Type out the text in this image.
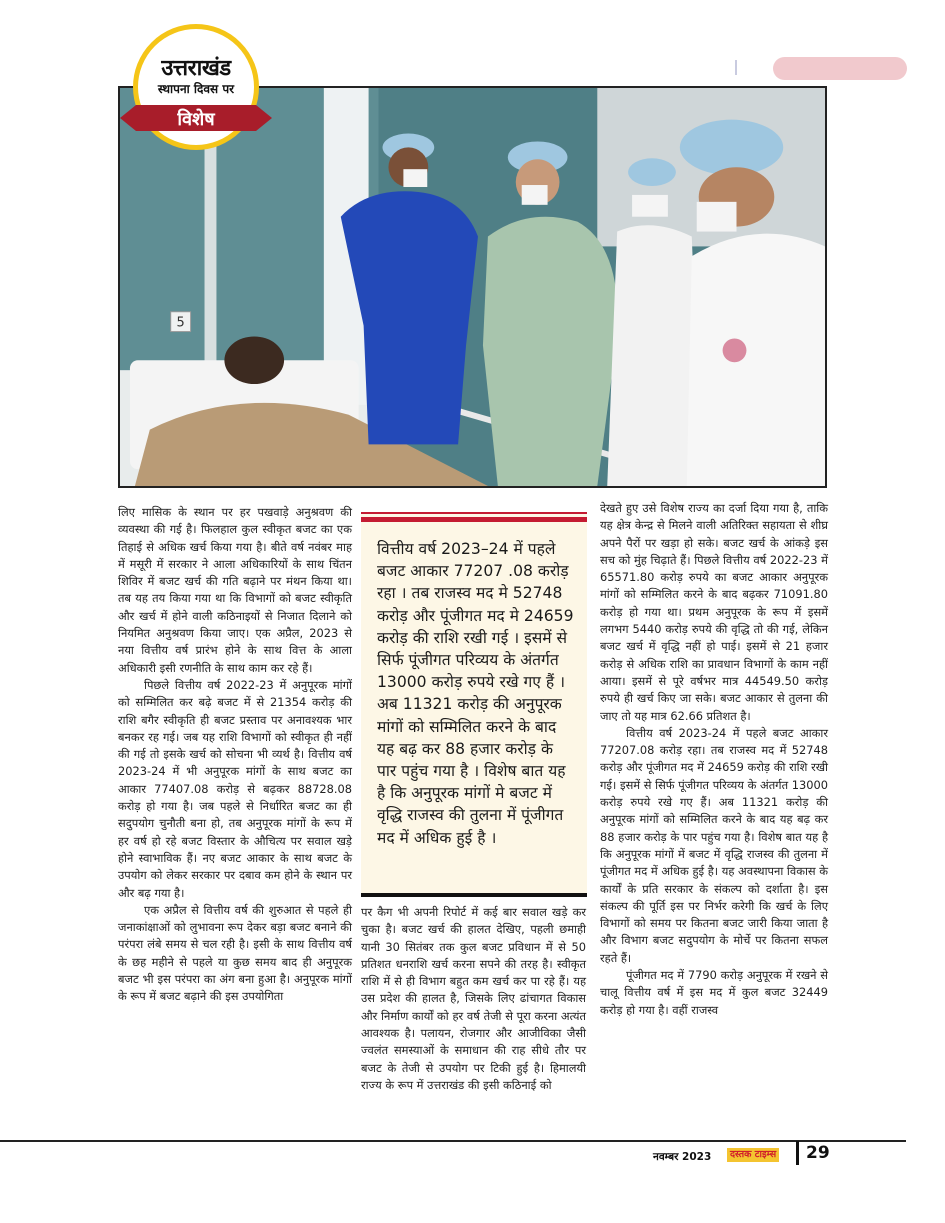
5
उत्तराखंड
स्थापना दिवस पर
विशेष

लिए मासिक के स्थान पर हर पखवाड़े अनुश्रवण की व्यवस्था की गई है। फिलहाल कुल स्वीकृत बजट का एक तिहाई से अधिक खर्च किया गया है। बीते वर्ष नवंबर माह में मसूरी में सरकार ने आला अधिकारियों के साथ चिंतन शिविर में बजट खर्च की गति बढ़ाने पर मंथन किया था। तब यह तय किया गया था कि विभागों को बजट स्वीकृति और खर्च में होने वाली कठिनाइयों से निजात दिलाने को नियमित अनुश्रवण किया जाए। एक अप्रैल, 2023 से नया वित्तीय वर्ष प्रारंभ होने के साथ वित्त के आला अधिकारी इसी रणनीति के साथ काम कर रहे हैं।

पिछले वित्तीय वर्ष 2022-23 में अनुपूरक मांगों को सम्मिलित कर बढ़े बजट में से 21354 करोड़ की राशि बगैर स्वीकृति ही बजट प्रस्ताव पर अनावश्यक भार बनकर रह गई। जब यह राशि विभागों को स्वीकृत ही नहीं की गई तो इसके खर्च को सोचना भी व्यर्थ है। वित्तीय वर्ष 2023-24 में भी अनुपूरक मांगों के साथ बजट का आकार 77407.08 करोड़ से बढ़कर 88728.08 करोड़ हो गया है। जब पहले से निर्धारित बजट का ही सदुपयोग चुनौती बना हो, तब अनुपूरक मांगों के रूप में हर वर्ष हो रहे बजट विस्तार के औचित्य पर सवाल खड़े होने स्वाभाविक हैं। नए बजट आकार के साथ बजट के उपयोग को लेकर सरकार पर दबाव कम होने के स्थान पर और बढ़ गया है।

एक अप्रैल से वित्तीय वर्ष की शुरुआत से पहले ही जनाकांक्षाओं को लुभावना रूप देकर बड़ा बजट बनाने की परंपरा लंबे समय से चल रही है। इसी के साथ वित्तीय वर्ष के छह महीने से पहले या कुछ समय बाद ही अनुपूरक बजट भी इस परंपरा का अंग बना हुआ है। अनुपूरक मांगों के रूप में बजट बढ़ाने की इस उपयोगिता

वित्तीय वर्ष 2023–24 में पहले बजट आकार 77207 .08 करोड़ रहा । तब राजस्व मद मे 52748 करोड़ और पूंजीगत मद मे 24659 करोड़ की राशि रखी गई । इसमें से सिर्फ पूंजीगत परिव्यय के अंतर्गत 13000 करोड़ रुपये रखे गए हैं । अब 11321 करोड़ की अनुपूरक मांगों को सम्मिलित करने के बाद यह बढ़ कर 88 हजार करोड़ के पार पहुंच गया है । विशेष बात यह है कि अनुपूरक मांगों मे बजट में वृद्धि राजस्व की तुलना में पूंजीगत मद में अधिक हुई है ।

पर कैग भी अपनी रिपोर्ट में कई बार सवाल खड़े कर चुका है। बजट खर्च की हालत देखिए, पहली छमाही यानी 30 सितंबर तक कुल बजट प्रविधान में से 50 प्रतिशत धनराशि खर्च करना सपने की तरह है। स्वीकृत राशि में से ही विभाग बहुत कम खर्च कर पा रहे हैं। यह उस प्रदेश की हालत है, जिसके लिए ढांचागत विकास और निर्माण कार्यों को हर वर्ष तेजी से पूरा करना अत्यंत आवश्यक है। पलायन, रोजगार और आजीविका जैसी ज्वलंत समस्याओं के समाधान की राह सीधे तौर पर बजट के तेजी से उपयोग पर टिकी हुई है। हिमालयी राज्य के रूप में उत्तराखंड की इसी कठिनाई को

देखते हुए उसे विशेष राज्य का दर्जा दिया गया है, ताकि यह क्षेत्र केन्द्र से मिलने वाली अतिरिक्त सहायता से शीघ्र अपने पैरों पर खड़ा हो सके। बजट खर्च के आंकड़े इस सच को मुंह चिढ़ाते हैं। पिछले वित्तीय वर्ष 2022-23 में 65571.80 करोड़ रुपये का बजट आकार अनुपूरक मांगों को सम्मिलित करने के बाद बढ़कर 71091.80 करोड़ हो गया था। प्रथम अनुपूरक के रूप में इसमें लगभग 5440 करोड़ रुपये की वृद्धि तो की गई, लेकिन बजट खर्च में वृद्धि नहीं हो पाई। इसमें से 21 हजार करोड़ से अधिक राशि का प्रावधान विभागों के काम नहीं आया। इसमें से पूरे वर्षभर मात्र 44549.50 करोड़ रुपये ही खर्च किए जा सके। बजट आकार से तुलना की जाए तो यह मात्र 62.66 प्रतिशत है।

वित्तीय वर्ष 2023-24 में पहले बजट आकार 77207.08 करोड़ रहा। तब राजस्व मद में 52748 करोड़ और पूंजीगत मद में 24659 करोड़ की राशि रखी गई। इसमें से सिर्फ पूंजीगत परिव्यय के अंतर्गत 13000 करोड़ रुपये रखे गए हैं। अब 11321 करोड़ की अनुपूरक मांगों को सम्मिलित करने के बाद यह बढ़ कर 88 हजार करोड़ के पार पहुंच गया है। विशेष बात यह है कि अनुपूरक मांगों में बजट में वृद्धि राजस्व की तुलना में पूंजीगत मद में अधिक हुई है। यह अवस्थापना विकास के कार्यों के प्रति सरकार के संकल्प को दर्शाता है। इस संकल्प की पूर्ति इस पर निर्भर करेगी कि खर्च के लिए विभागों को समय पर कितना बजट जारी किया जाता है और विभाग बजट सदुपयोग के मोर्चे पर कितना सफल रहते हैं।

पूंजीगत मद में 7790 करोड़ अनुपूरक में रखने से चालू वित्तीय वर्ष में इस मद में कुल बजट 32449 करोड़ हो गया है। वहीं राजस्व

नवम्बर 2023	दस्तक टाइम्स 29
